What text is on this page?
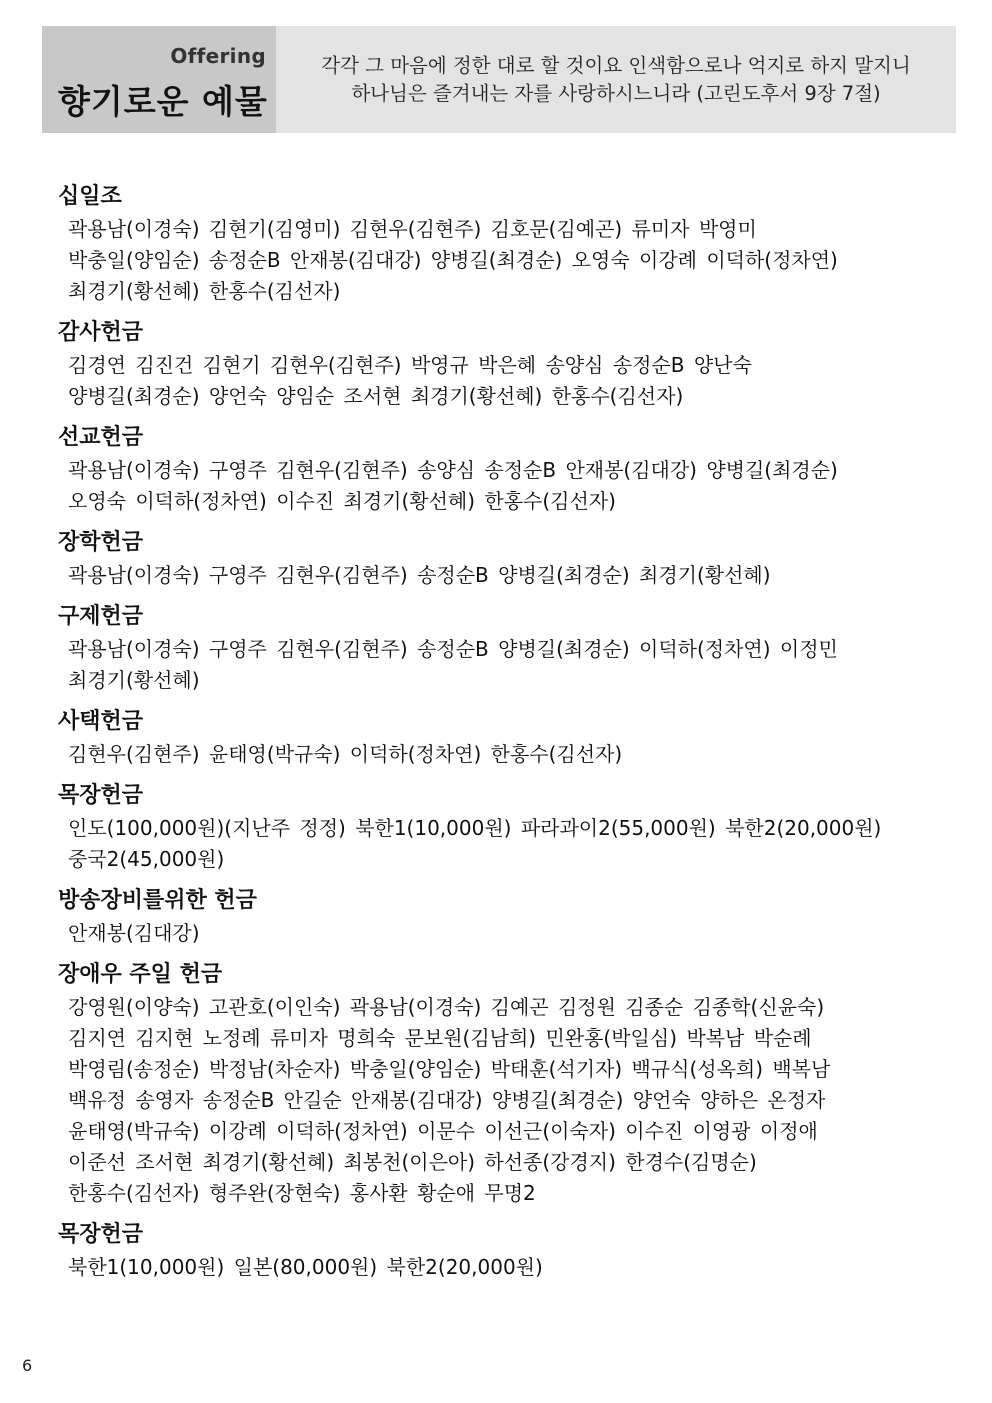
Offering
향기로운 예물
각각 그 마음에 정한 대로 할 것이요 인색함으로나 억지로 하지 말지니
하나님은 즐겨내는 자를 사랑하시느니라 (고린도후서 9장 7절)
십일조
곽용남(이경숙) 김현기(김영미) 김현우(김현주) 김호문(김예곤) 류미자 박영미
박충일(양임순) 송정순B 안재봉(김대강) 양병길(최경순) 오영숙 이강례 이덕하(정차연)
최경기(황선혜) 한홍수(김선자)
감사헌금
김경연 김진건 김현기 김현우(김현주) 박영규 박은혜 송양심 송정순B 양난숙
양병길(최경순) 양언숙 양임순 조서현 최경기(황선혜) 한홍수(김선자)
선교헌금
곽용남(이경숙) 구영주 김현우(김현주) 송양심 송정순B 안재봉(김대강) 양병길(최경순)
오영숙 이덕하(정차연) 이수진 최경기(황선혜) 한홍수(김선자)
장학헌금
곽용남(이경숙) 구영주 김현우(김현주) 송정순B 양병길(최경순) 최경기(황선혜)
구제헌금
곽용남(이경숙) 구영주 김현우(김현주) 송정순B 양병길(최경순) 이덕하(정차연) 이정민
최경기(황선혜)
사택헌금
김현우(김현주) 윤태영(박규숙) 이덕하(정차연) 한홍수(김선자)
목장헌금
인도(100,000원)(지난주 정정) 북한1(10,000원) 파라과이2(55,000원) 북한2(20,000원)
중국2(45,000원)
방송장비를위한 헌금
안재봉(김대강)
장애우 주일 헌금
강영원(이양숙) 고관호(이인숙) 곽용남(이경숙) 김예곤 김정원 김종순 김종학(신윤숙)
김지연 김지현 노정례 류미자 명희숙 문보원(김남희) 민완홍(박일심) 박복남 박순례
박영림(송정순) 박정남(차순자) 박충일(양임순) 박태훈(석기자) 백규식(성옥희) 백복남
백유정 송영자 송정순B 안길순 안재봉(김대강) 양병길(최경순) 양언숙 양하은 온정자
윤태영(박규숙) 이강례 이덕하(정차연) 이문수 이선근(이숙자) 이수진 이영광 이정애
이준선 조서현 최경기(황선혜) 최봉천(이은아) 하선종(강경지) 한경수(김명순)
한홍수(김선자) 형주완(장현숙) 홍사환 황순애 무명2
목장헌금
북한1(10,000원) 일본(80,000원) 북한2(20,000원)
6
